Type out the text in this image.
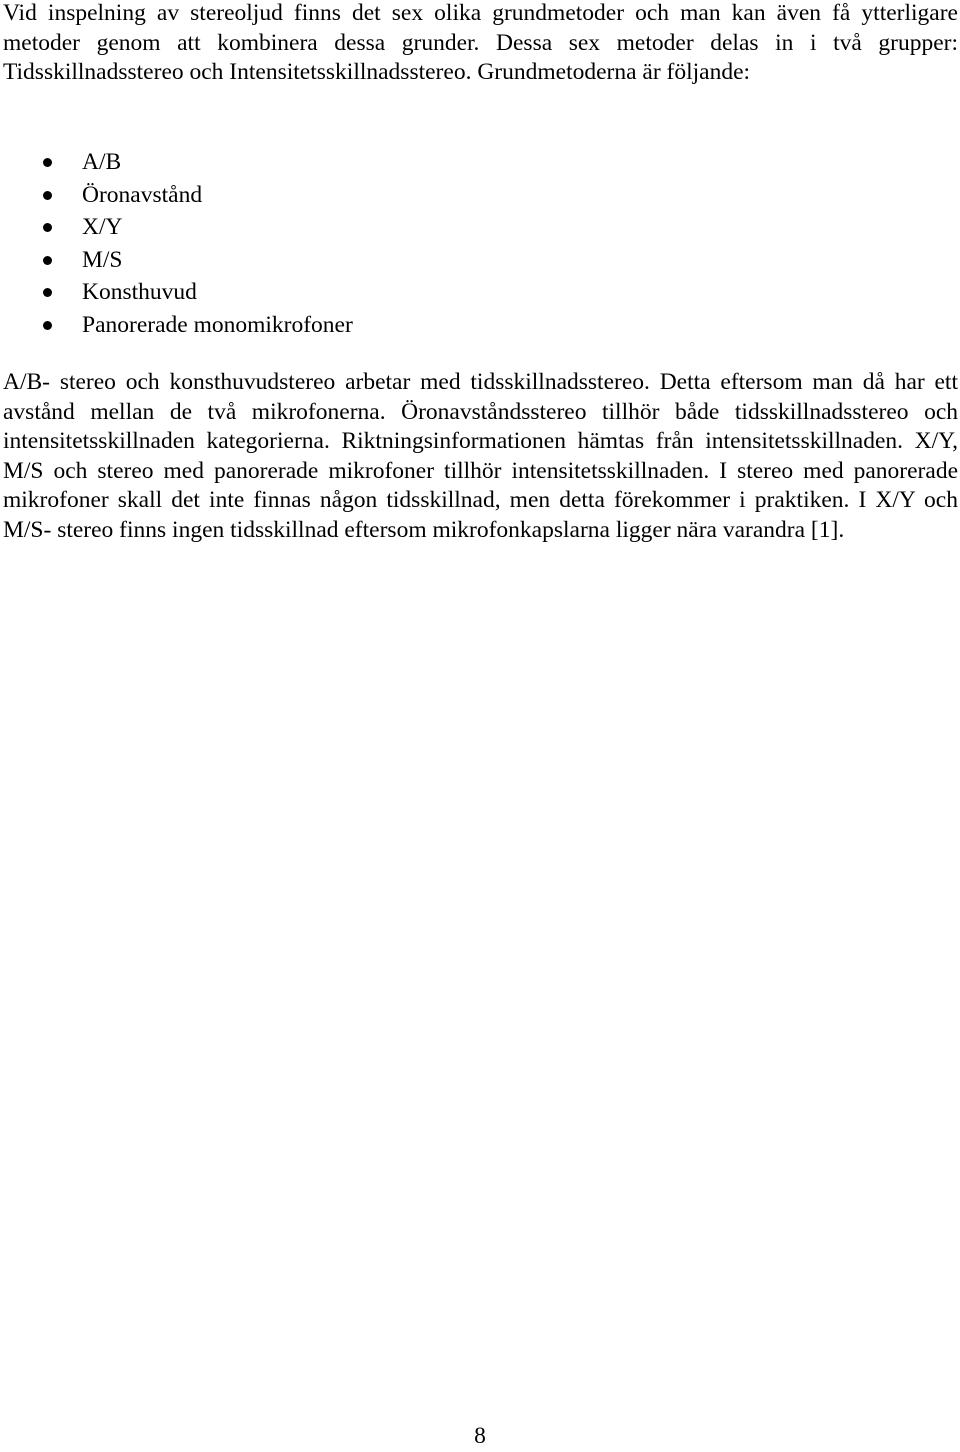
Vid inspelning av stereoljud finns det sex olika grundmetoder och man kan även få ytterligare metoder genom att kombinera dessa grunder. Dessa sex metoder delas in i två grupper: Tidsskillnadsstereo och Intensitetsskillnadsstereo. Grundmetoderna är följande:

A/B
Öronavstånd
X/Y
M/S
Konsthuvud
Panorerade monomikrofoner

A/B- stereo och konsthuvudstereo arbetar med tidsskillnadsstereo. Detta eftersom man då har ett avstånd mellan de två mikrofonerna. Öronavståndsstereo tillhör både tidsskillnadsstereo och intensitetsskillnaden kategorierna. Riktningsinformationen hämtas från intensitetsskillnaden. X/Y, M/S och stereo med panorerade mikrofoner tillhör intensitetsskillnaden. I stereo med panorerade mikrofoner skall det inte finnas någon tidsskillnad, men detta förekommer i praktiken. I X/Y och M/S- stereo finns ingen tidsskillnad eftersom mikrofonkapslarna ligger nära varandra [1].

8
